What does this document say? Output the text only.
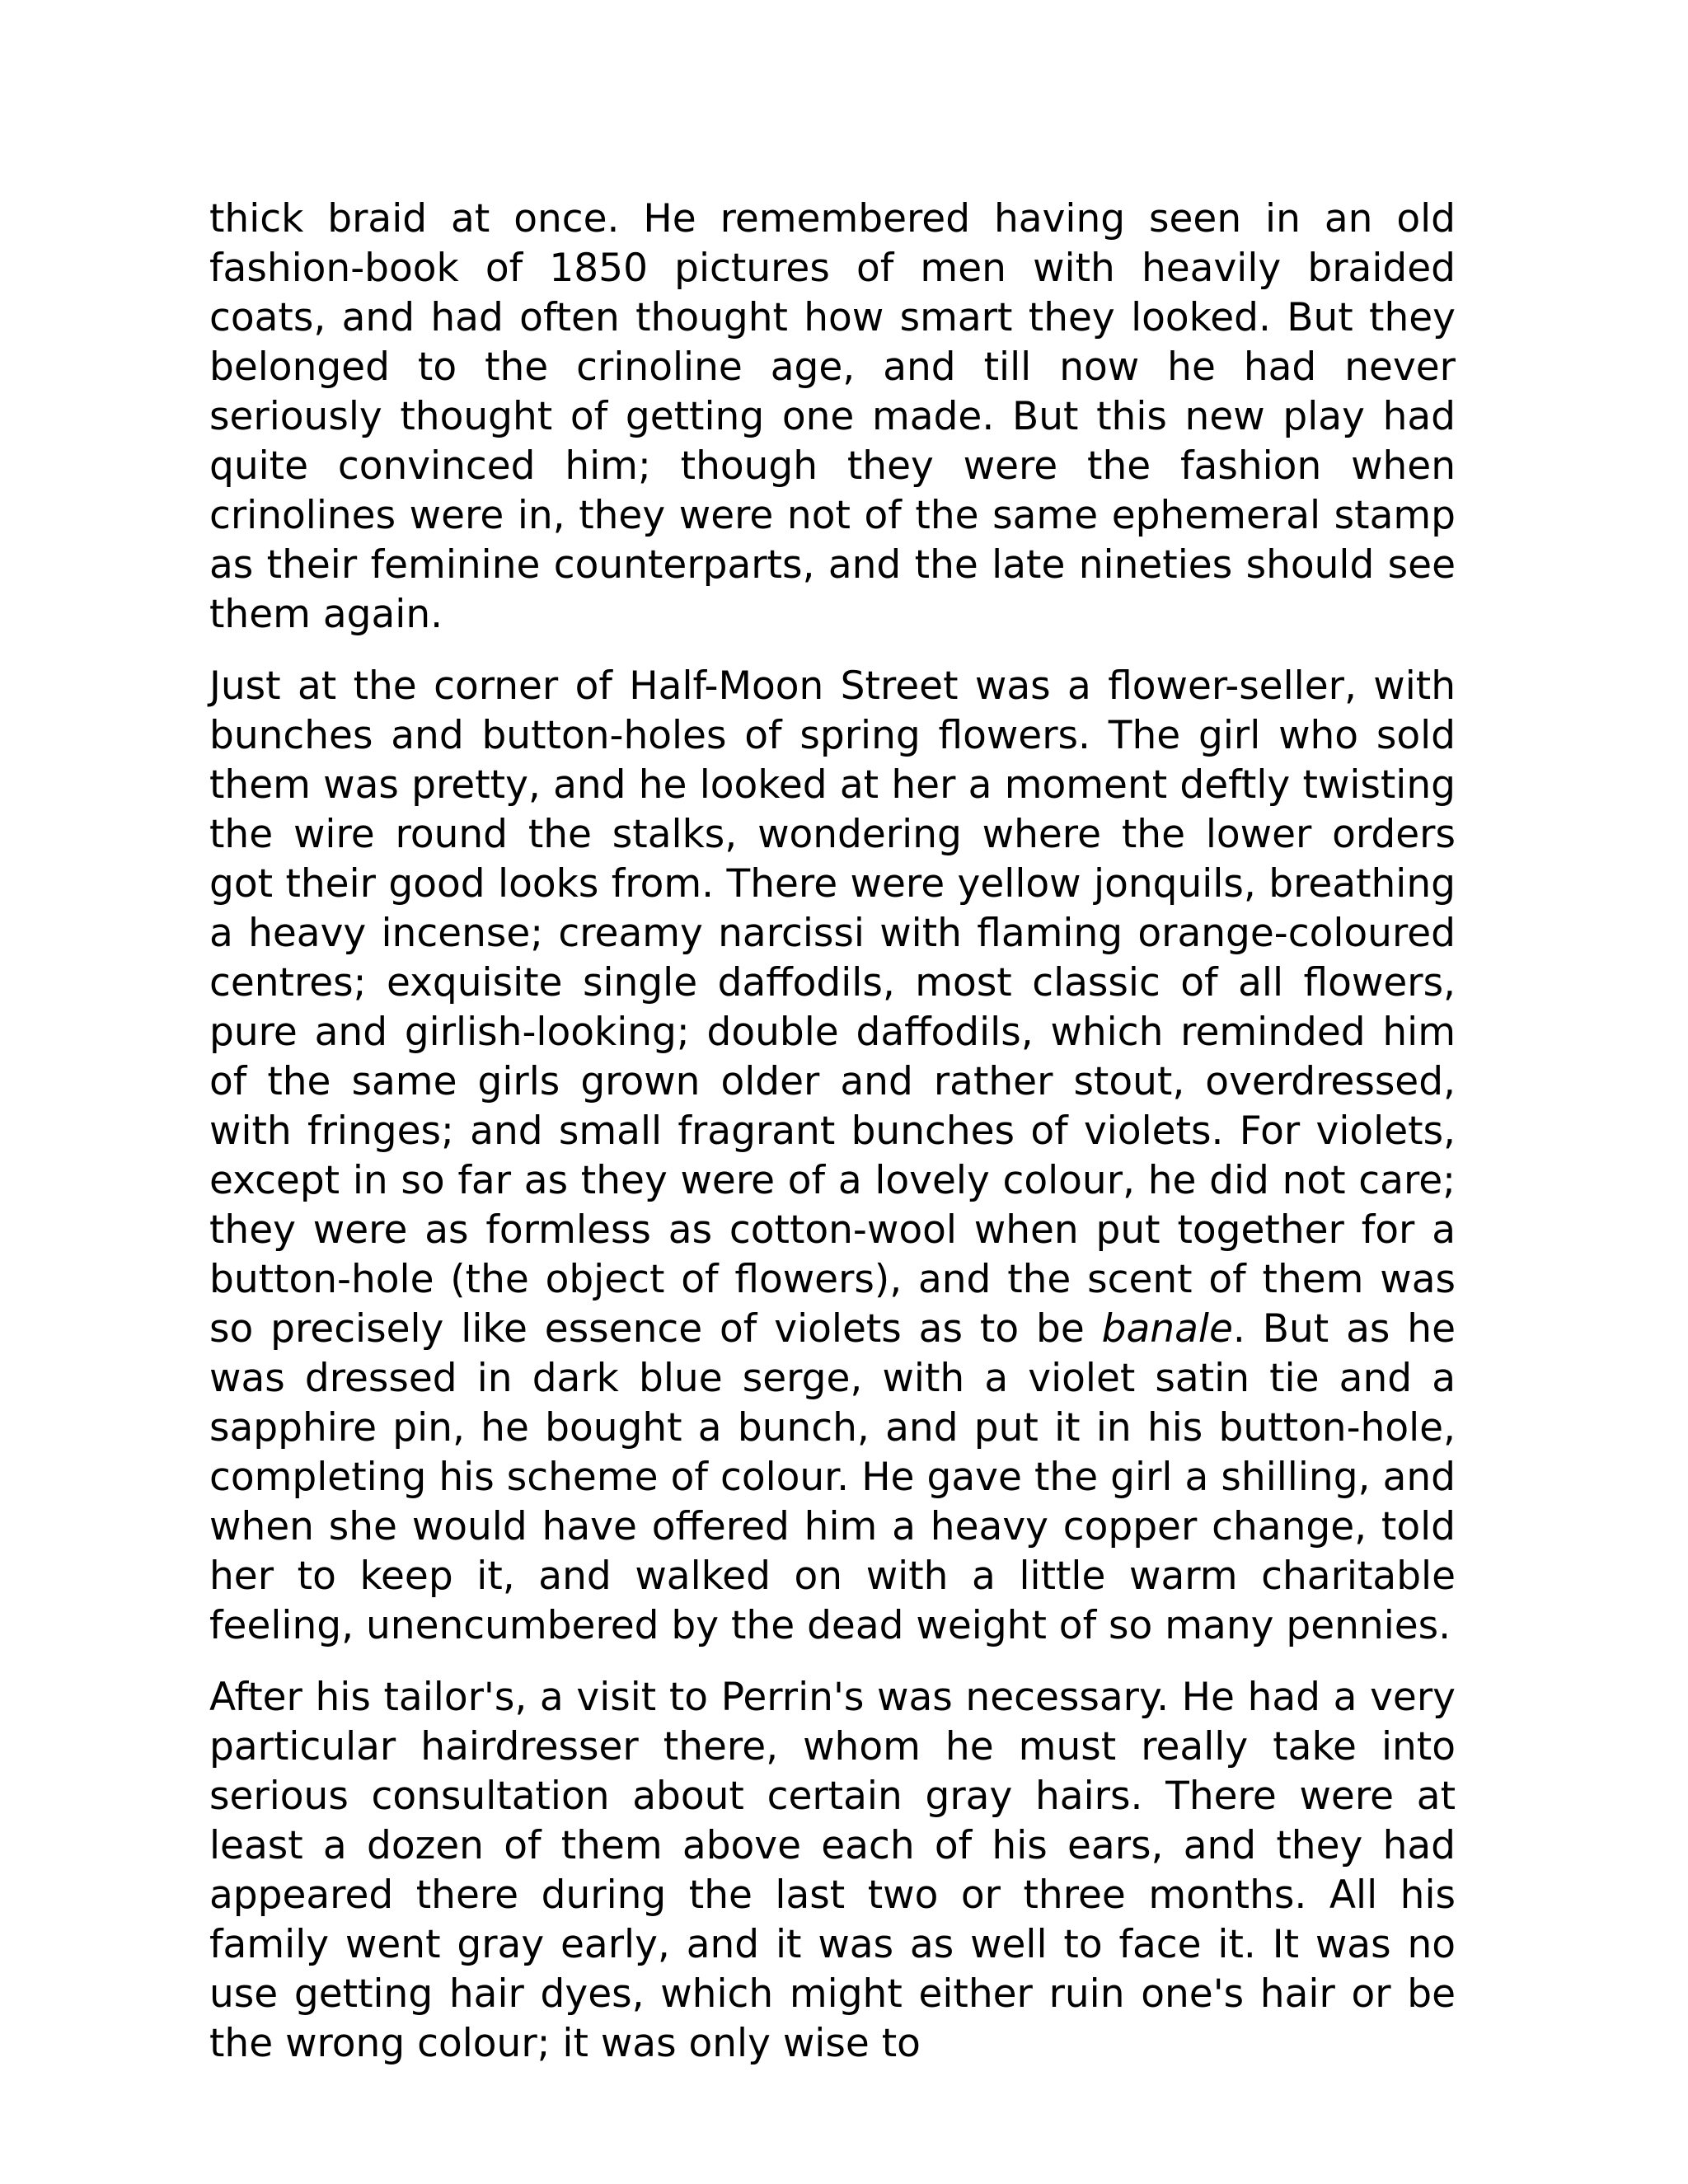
thick braid at once. He remembered having seen in an old fashion-book of 1850 pictures of men with heavily braided coats, and had often thought how smart they looked. But they belonged to the crinoline age, and till now he had never seriously thought of getting one made. But this new play had quite convinced him; though they were the fashion when crinolines were in, they were not of the same ephemeral stamp as their feminine counterparts, and the late nineties should see them again.

Just at the corner of Half-Moon Street was a flower-seller, with bunches and button-holes of spring flowers. The girl who sold them was pretty, and he looked at her a moment deftly twisting the wire round the stalks, wondering where the lower orders got their good looks from. There were yellow jonquils, breathing a heavy incense; creamy narcissi with flaming orange-coloured centres; exquisite single daffodils, most classic of all flowers, pure and girlish-looking; double daffodils, which reminded him of the same girls grown older and rather stout, overdressed, with fringes; and small fragrant bunches of violets. For violets, except in so far as they were of a lovely colour, he did not care; they were as formless as cotton-wool when put together for a button-hole (the object of flowers), and the scent of them was so precisely like essence of violets as to be banale. But as he was dressed in dark blue serge, with a violet satin tie and a sapphire pin, he bought a bunch, and put it in his button-hole, completing his scheme of colour. He gave the girl a shilling, and when she would have offered him a heavy copper change, told her to keep it, and walked on with a little warm charitable feeling, unencumbered by the dead weight of so many pennies.

After his tailor's, a visit to Perrin's was necessary. He had a very particular hairdresser there, whom he must really take into serious consultation about certain gray hairs. There were at least a dozen of them above each of his ears, and they had appeared there during the last two or three months. All his family went gray early, and it was as well to face it. It was no use getting hair dyes, which might either ruin one's hair or be the wrong colour; it was only wise to
